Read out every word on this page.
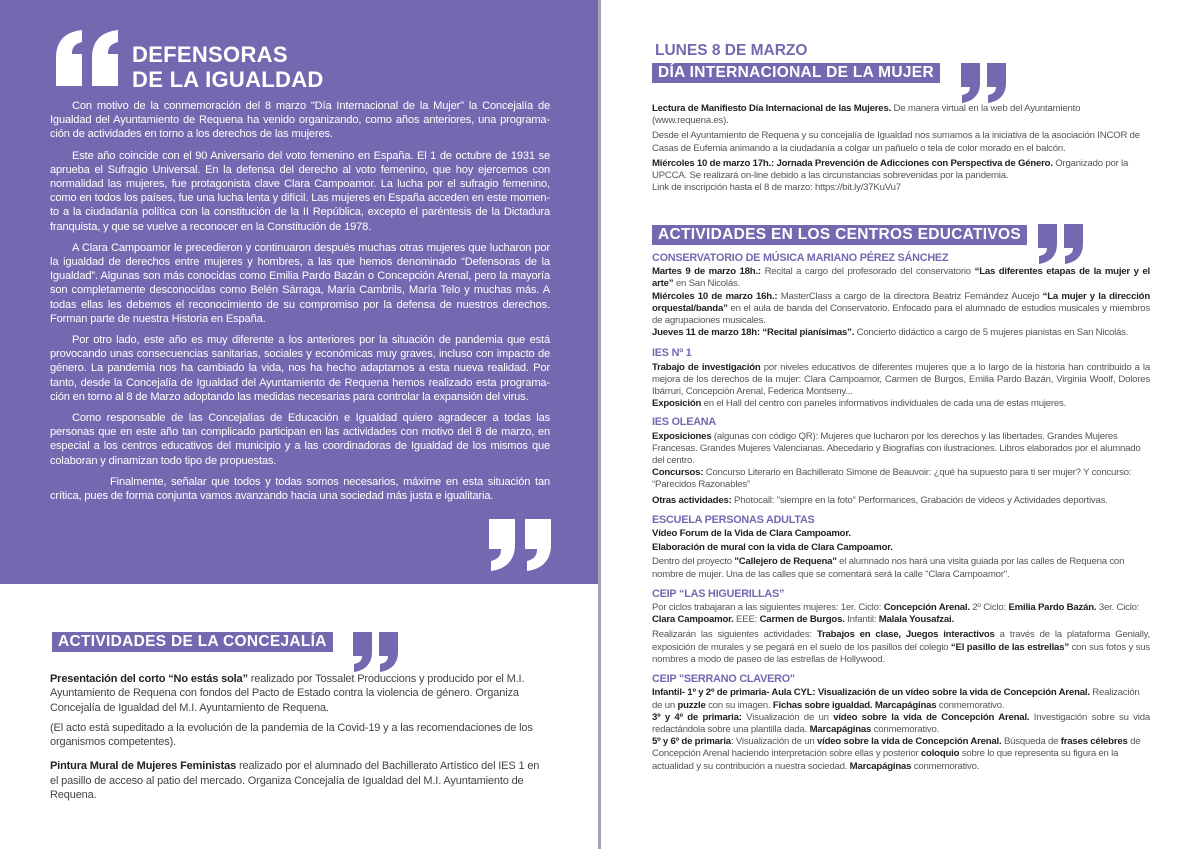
DEFENSORAS
DE LA IGUALDAD

Con motivo de la conmemoración del 8 marzo "Día Internacional de la Mujer" la Concejalía de Igualdad del Ayuntamiento de Requena ha venido organizando, como años anteriores, una programa-ción de actividades en torno a los derechos de las mujeres.

Este año coincide con el 90 Aniversario del voto femenino en España. El 1 de octubre de 1931 se aprueba el Sufragio Universal. En la defensa del derecho al voto femenino, que hoy ejercemos con normalidad las mujeres, fue protagonista clave Clara Campoamor. La lucha por el sufragio femenino, como en todos los países, fue una lucha lenta y difícil. Las mujeres en España acceden en este momen-to a la ciudadanía política con la constitución de la II República, excepto el paréntesis de la Dictadura franquista, y que se vuelve a reconocer en la Constitución de 1978.

A Clara Campoamor le precedieron y continuaron después muchas otras mujeres que lucharon por la igualdad de derechos entre mujeres y hombres, a las que hemos denominado “Defensoras de la Igualdad”. Algunas son más conocidas como Emilia Pardo Bazán o Concepción Arenal, pero la mayoría son completamente desconocidas como Belén Sárraga, María Cambrils, María Telo y muchas más. A todas ellas les debemos el reconocimiento de su compromiso por la defensa de nuestros derechos. Forman parte de nuestra Historia en España.

Por otro lado, este año es muy diferente a los anteriores por la situación de pandemia que está provocando unas consecuencias sanitarias, sociales y económicas muy graves, incluso con impacto de género. La pandemia nos ha cambiado la vida, nos ha hecho adaptarnos a esta nueva realidad. Por tanto, desde la Concejalía de Igualdad del Ayuntamiento de Requena hemos realizado esta programa-ción en torno al 8 de Marzo adoptando las medidas necesarias para controlar la expansión del virus.

Como responsable de las Concejalías de Educación e Igualdad quiero agradecer a todas las personas que en este año tan complicado participan en las actividades con motivo del 8 de marzo, en especial a los centros educativos del municipio y a las coordinadoras de Igualdad de los mismos que colaboran y dinamizan todo tipo de propuestas.

Finalmente, señalar que todos y todas somos necesarios, máxime en esta situación tan crítica, pues de forma conjunta vamos avanzando hacia una sociedad más justa e igualitaria.

Isabel García Hernández
Concejala de Educación e Igualdad
ACTIVIDADES DE LA CONCEJALÍA

Presentación del corto “No estás sola” realizado por Tossalet Produccions y producido por el M.I. Ayuntamiento de Requena con fondos del Pacto de Estado contra la violencia de género. Organiza Concejalía de Igualdad del M.I. Ayuntamiento de Requena.

(El acto está supeditado a la evolución de la pandemia de la Covid-19 y a las recomendaciones de los organismos competentes).

Pintura Mural de Mujeres Feministas realizado por el alumnado del Bachillerato Artístico del IES 1 en el pasillo de acceso al patio del mercado. Organiza Concejalía de Igualdad del M.I. Ayuntamiento de Requena.

LUNES 8 DE MARZO
DÍA INTERNACIONAL DE LA MUJER

Lectura de Manifiesto Día Internacional de las Mujeres. De manera virtual en la web del Ayuntamiento (www.requena.es).

Desde el Ayuntamiento de Requena y su concejalía de Igualdad nos sumamos a la iniciativa de la asociación INCOR de Casas de Eufemia animando a la ciudadanía a colgar un pañuelo o tela de color morado en el balcón.

Miércoles 10 de marzo 17h.: Jornada Prevención de Adicciones con Perspectiva de Género. Organizado por la UPCCA. Se realizará on-line debido a las circunstancias sobrevenidas por la pandemia.

Link de inscripción hasta el 8 de marzo: https://bit.ly/37KuVu7

ACTIVIDADES EN LOS CENTROS EDUCATIVOS
CONSERVATORIO DE MÚSICA MARIANO PÉREZ SÁNCHEZ

Martes 9 de marzo 18h.: Recital a cargo del profesorado del conservatorio “Las diferentes etapas de la mujer y el arte” en San Nicolás.

Miércoles 10 de marzo 16h.: MasterClass a cargo de la directora Beatriz Fernández Aucejo “La mujer y la dirección orquestal/banda” en el aula de banda del Conservatorio. Enfocado para el alumnado de estudios musicales y miembros de agrupaciones musicales.

Jueves 11 de marzo 18h: “Recital pianísimas”. Concierto didáctico a cargo de 5 mujeres pianistas en San Nicolás.

IES Nº 1

Trabajo de investigación por niveles educativos de diferentes mujeres que a lo largo de la historia han contribuido a la mejora de los derechos de la mujer: Clara Campoamor, Carmen de Burgos, Emilia Pardo Bazán, Virginia Woolf, Dolores Ibárruri, Concepción Arenal, Federica Montseny...

Exposición en el Hall del centro con paneles informativos individuales de cada una de estas mujeres.

IES OLEANA

Exposiciones (algunas con código QR): Mujeres que lucharon por los derechos y las libertades. Grandes Mujeres Francesas. Grandes Mujeres Valencianas. Abecedario y Biografías con ilustraciones. Libros elaborados por el alumnado del centro.

Concursos: Concurso Literario en Bachillerato Simone de Beauvoir: ¿qué ha supuesto para ti ser mujer? Y concurso: “Parecidos Razonables”

Otras actividades: Photocall: "siempre en la foto" Performances, Grabación de videos y Actividades deportivas.

ESCUELA PERSONAS ADULTAS

Vídeo Forum de la Vida de Clara Campoamor.

Elaboración de mural con la vida de Clara Campoamor.

Dentro del proyecto "Callejero de Requena" el alumnado nos hará una visita guiada por las calles de Requena con nombre de mujer. Una de las calles que se comentará será la calle "Clara Campoamor".

CEIP “LAS HIGUERILLAS”

Por ciclos trabajaran a las siguientes mujeres: 1er. Ciclo: Concepción Arenal. 2º Ciclo: Emilia Pardo Bazán. 3er. Ciclo: Clara Campoamor. EEE: Carmen de Burgos. Infantil: Malala Yousafzai.

Realizarán las siguientes actividades: Trabajos en clase, Juegos interactivos a través de la plataforma Genially, exposición de murales y se pegará en el suelo de los pasillos del colegio “El pasillo de las estrellas” con sus fotos y sus nombres a modo de paseo de las estrellas de Hollywood.

CEIP "SERRANO CLAVERO"

Infantil- 1º y 2º de primaria- Aula CYL: Visualización de un vídeo sobre la vida de Concepción Arenal. Realización de un puzzle con su imagen. Fichas sobre igualdad. Marcapáginas conmemorativo.

3º y 4º de primaria: Visualización de un vídeo sobre la vida de Concepción Arenal. Investigación sobre su vida redactándola sobre una plantilla dada. Marcapáginas conmemorativo.

5º y 6º de primaria: Visualización de un vídeo sobre la vida de Concepción Arenal. Búsqueda de frases célebres de Concepción Arenal haciendo interpretación sobre ellas y posterior coloquio sobre lo que representa su figura en la actualidad y su contribución a nuestra sociedad. Marcapáginas conmemorativo.
